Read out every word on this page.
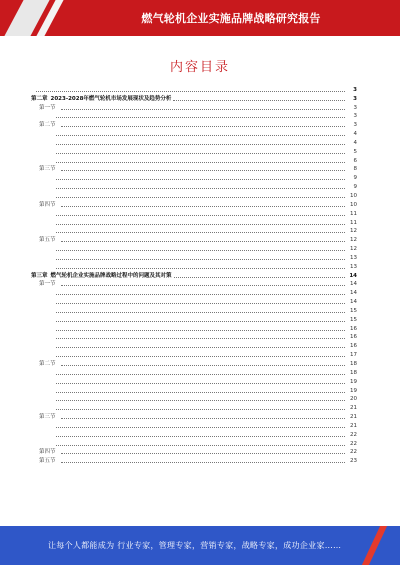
燃气轮机企业实施品牌战略研究报告
内容目录
3
第二章 2023-2028年燃气轮机市场发展现状及趋势分析	3
第一节	3
3
第二节	3
4
4
5
6
第三节	8
9
9
10
第四节	10
11
11
12
第五节	12
12
13
13
第三章 燃气轮机企业实施品牌战略过程中的问题及其对策	14
第一节	14
14
14
15
15
16
16
16
17
第二节	18
18
19
19
20
21
第三节	21
21
22
22
第四节	22
第五节	23
让每个人都能成为 行业专家，管理专家，营销专家，战略专家，成功企业家……
